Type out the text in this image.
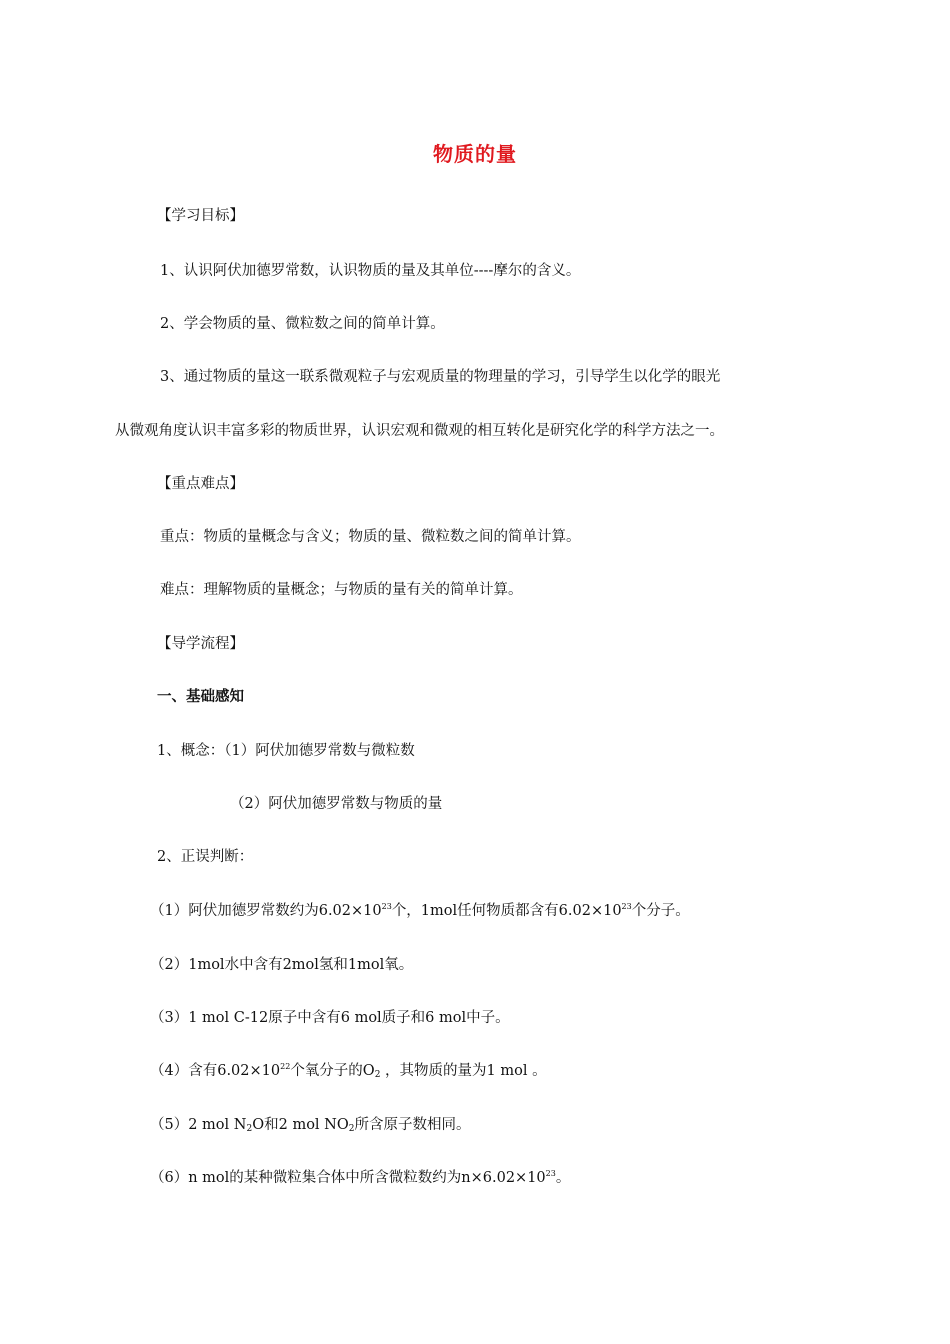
物质的量
【学习目标】
1、认识阿伏加德罗常数，认识物质的量及其单位----摩尔的含义。
2、学会物质的量、微粒数之间的简单计算。
3、通过物质的量这一联系微观粒子与宏观质量的物理量的学习，引导学生以化学的眼光
从微观角度认识丰富多彩的物质世界，认识宏观和微观的相互转化是研究化学的科学方法之一。
【重点难点】
重点：物质的量概念与含义；物质的量、微粒数之间的简单计算。
难点：理解物质的量概念；与物质的量有关的简单计算。
【导学流程】
一、基础感知
1、概念：（1）阿伏加德罗常数与微粒数
（2）阿伏加德罗常数与物质的量
2、正误判断：
（1）阿伏加德罗常数约为$6.02\times 10^{23}$个，1mol任何物质都含有$6.02\times 10^{23}$个分子。
（2）1mol水中含有2mol氢和1mol氧。
（3）1 mol C-12原子中含有6 mol质子和6 mol中子。
（4）含有$6.02\times 10^{22}$个氧分子的$O_2$ ，其物质的量为1 mol 。
（5）2 mol $N_2O$和2 mol $NO_2$所含原子数相同。
（6）n mol的某种微粒集合体中所含微粒数约为$n\times 6.02\times 10^{23}$。
